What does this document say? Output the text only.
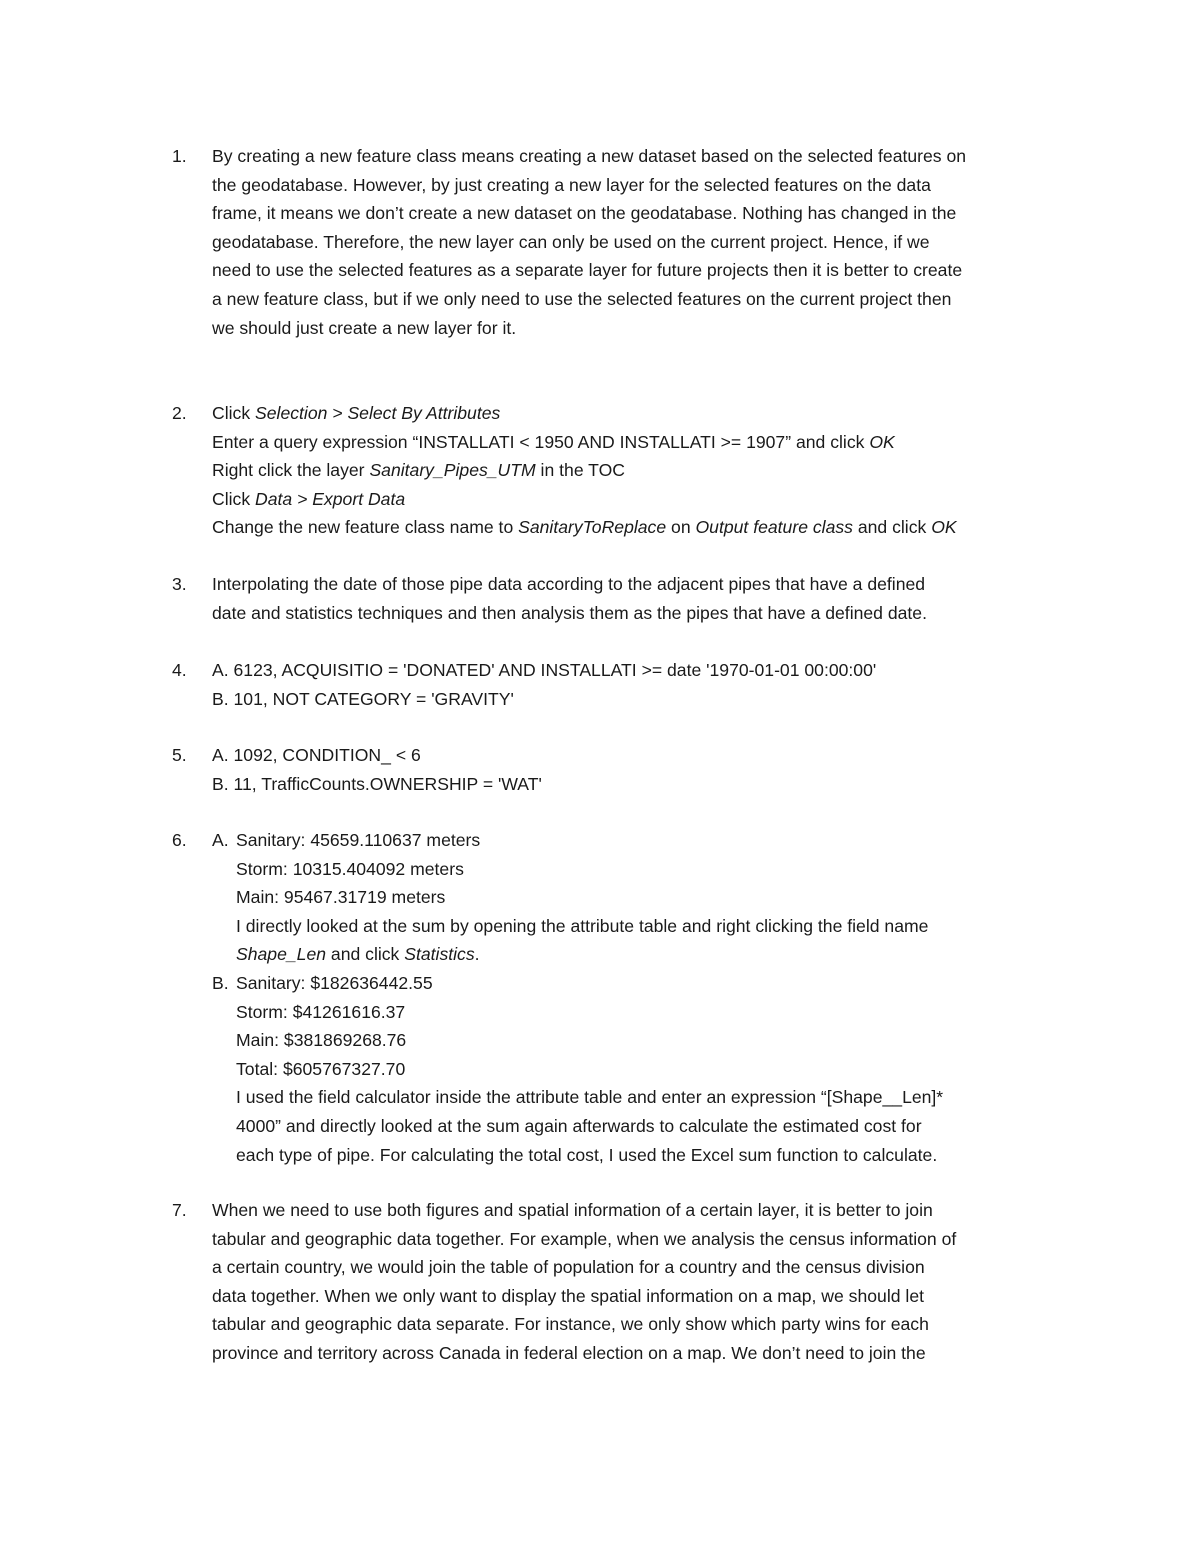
1.	By creating a new feature class means creating a new dataset based on the selected features on
the geodatabase. However, by just creating a new layer for the selected features on the data
frame, it means we don’t create a new dataset on the geodatabase. Nothing has changed in the
geodatabase. Therefore, the new layer can only be used on the current project. Hence, if we
need to use the selected features as a separate layer for future projects then it is better to create
a new feature class, but if we only need to use the selected features on the current project then
we should just create a new layer for it.
2.	Click Selection > Select By Attributes
Enter a query expression “INSTALLATI < 1950 AND INSTALLATI >= 1907” and click OK
Right click the layer Sanitary_Pipes_UTM in the TOC
Click Data > Export Data
Change the new feature class name to SanitaryToReplace on Output feature class and click OK
3.	Interpolating the date of those pipe data according to the adjacent pipes that have a defined
date and statistics techniques and then analysis them as the pipes that have a defined date.
4.	A. 6123, ACQUISITIO = 'DONATED' AND INSTALLATI >= date '1970-01-01 00:00:00'
B. 101, NOT CATEGORY = 'GRAVITY'
5.	A. 1092, CONDITION_ < 6
B. 11, TrafficCounts.OWNERSHIP = 'WAT'
6.	A. Sanitary: 45659.110637 meters
Storm: 10315.404092 meters
Main: 95467.31719 meters
I directly looked at the sum by opening the attribute table and right clicking the field name
Shape_Len and click Statistics.
B. Sanitary: $182636442.55
Storm: $41261616.37
Main: $381869268.76
Total: $605767327.70
I used the field calculator inside the attribute table and enter an expression “[Shape__Len]*
4000” and directly looked at the sum again afterwards to calculate the estimated cost for
each type of pipe. For calculating the total cost, I used the Excel sum function to calculate.
7.	When we need to use both figures and spatial information of a certain layer, it is better to join
tabular and geographic data together. For example, when we analysis the census information of
a certain country, we would join the table of population for a country and the census division
data together. When we only want to display the spatial information on a map, we should let
tabular and geographic data separate. For instance, we only show which party wins for each
province and territory across Canada in federal election on a map. We don’t need to join the
